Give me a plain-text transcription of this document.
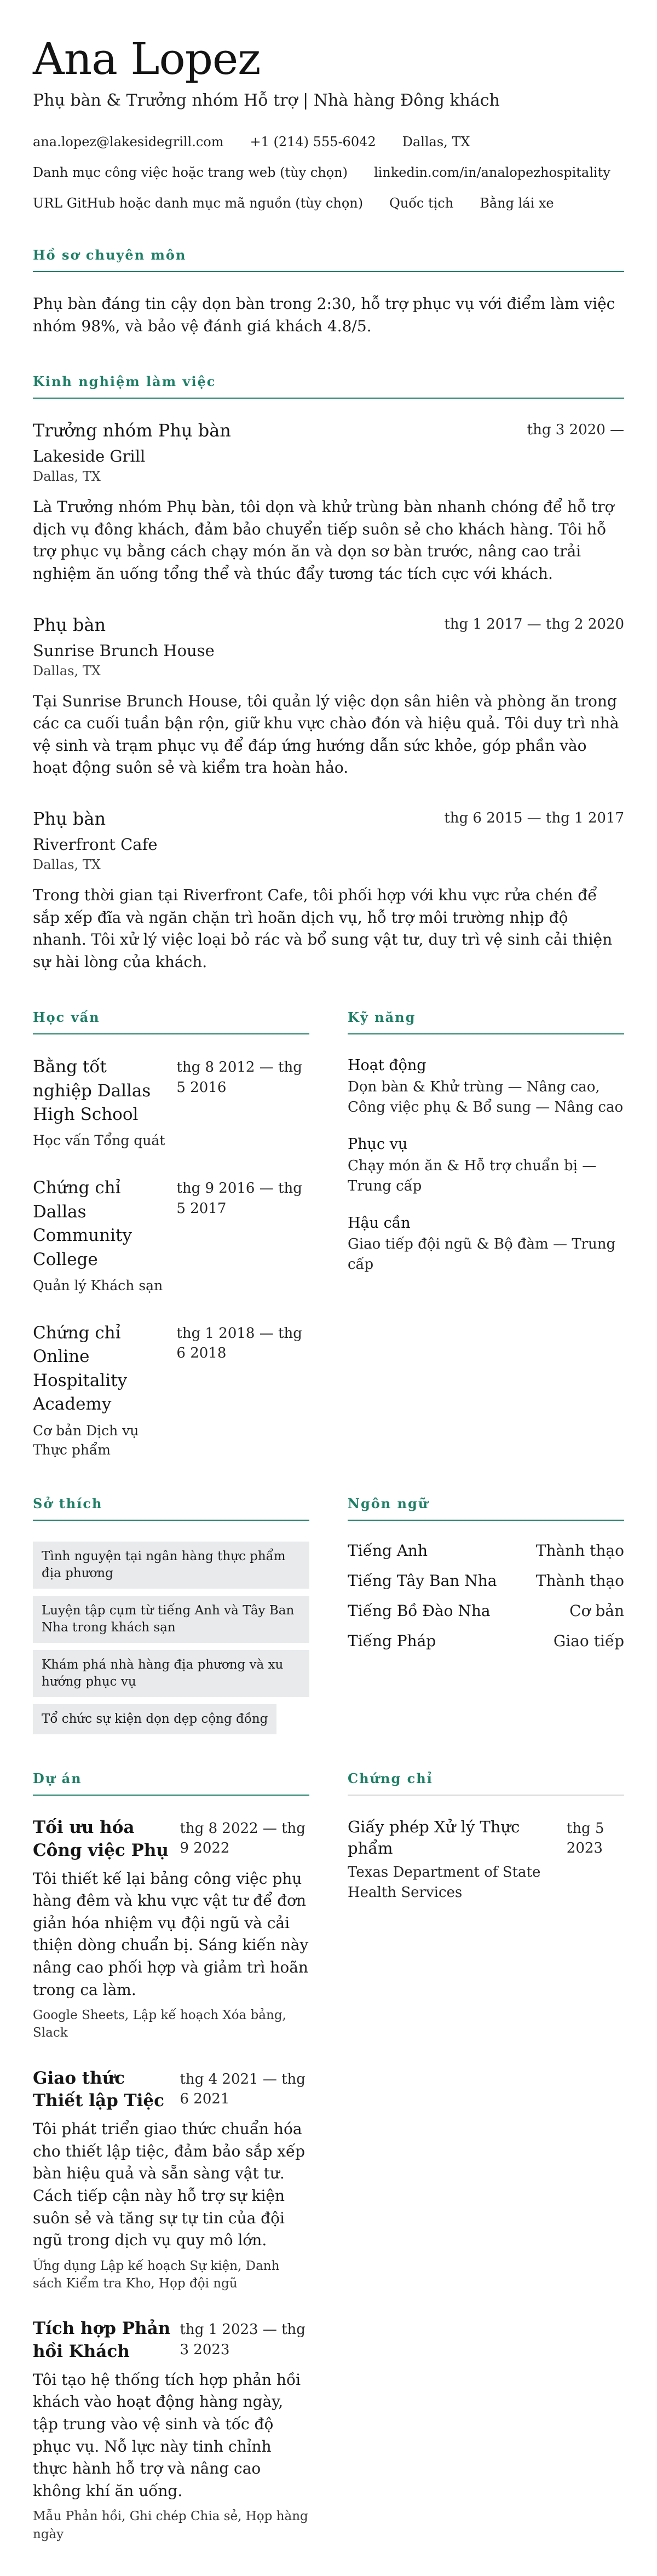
Ana Lopez

Phụ bàn & Trưởng nhóm Hỗ trợ | Nhà hàng Đông khách

ana.lopez@lakesidegrill.com +1 (214) 555-6042 Dallas, TX
Danh mục công việc hoặc trang web (tùy chọn) linkedin.com/in/analopezhospitality
URL GitHub hoặc danh mục mã nguồn (tùy chọn) Quốc tịch Bằng lái xe
Hồ sơ chuyên môn

Phụ bàn đáng tin cậy dọn bàn trong 2:30, hỗ trợ phục vụ với điểm làm việc nhóm 98%, và bảo vệ đánh giá khách 4.8/5.

Kinh nghiệm làm việc
Trưởng nhóm Phụ bàn	thg 3 2020 —
Lakeside Grill
Dallas, TX

Là Trưởng nhóm Phụ bàn, tôi dọn và khử trùng bàn nhanh chóng để hỗ trợ dịch vụ đông khách, đảm bảo chuyển tiếp suôn sẻ cho khách hàng. Tôi hỗ trợ phục vụ bằng cách chạy món ăn và dọn sơ bàn trước, nâng cao trải nghiệm ăn uống tổng thể và thúc đẩy tương tác tích cực với khách.

Phụ bàn	thg 1 2017 — thg 2 2020
Sunrise Brunch House
Dallas, TX

Tại Sunrise Brunch House, tôi quản lý việc dọn sân hiên và phòng ăn trong các ca cuối tuần bận rộn, giữ khu vực chào đón và hiệu quả. Tôi duy trì nhà vệ sinh và trạm phục vụ để đáp ứng hướng dẫn sức khỏe, góp phần vào hoạt động suôn sẻ và kiểm tra hoàn hảo.

Phụ bàn	thg 6 2015 — thg 1 2017
Riverfront Cafe
Dallas, TX

Trong thời gian tại Riverfront Cafe, tôi phối hợp với khu vực rửa chén để sắp xếp đĩa và ngăn chặn trì hoãn dịch vụ, hỗ trợ môi trường nhịp độ nhanh. Tôi xử lý việc loại bỏ rác và bổ sung vật tư, duy trì vệ sinh cải thiện sự hài lòng của khách.

Học vấn
Bằng tốt nghiệp Dallas High School
Học vấn Tổng quát
thg 8 2012 — thg 5 2016
Chứng chỉ Dallas Community College
Quản lý Khách sạn
thg 9 2016 — thg 5 2017
Chứng chỉ Online Hospitality Academy
Cơ bản Dịch vụ Thực phẩm
thg 1 2018 — thg 6 2018
Kỹ năng
Hoạt động
Dọn bàn & Khử trùng — Nâng cao, Công việc phụ & Bổ sung — Nâng cao
Phục vụ
Chạy món ăn & Hỗ trợ chuẩn bị — Trung cấp
Hậu cần
Giao tiếp đội ngũ & Bộ đàm — Trung cấp
Sở thích
Tình nguyện tại ngân hàng thực phẩm địa phương
Luyện tập cụm từ tiếng Anh và Tây Ban Nha trong khách sạn
Khám phá nhà hàng địa phương và xu hướng phục vụ
Tổ chức sự kiện dọn dẹp cộng đồng
Ngôn ngữ
Tiếng Anh	Thành thạo
Tiếng Tây Ban Nha	Thành thạo
Tiếng Bồ Đào Nha	Cơ bản
Tiếng Pháp	Giao tiếp
Dự án
Tối ưu hóa Công việc Phụ
thg 8 2022 — thg 9 2022

Tôi thiết kế lại bảng công việc phụ hàng đêm và khu vực vật tư để đơn giản hóa nhiệm vụ đội ngũ và cải thiện dòng chuẩn bị. Sáng kiến này nâng cao phối hợp và giảm trì hoãn trong ca làm.

Google Sheets, Lập kế hoạch Xóa bảng, Slack
Giao thức Thiết lập Tiệc
thg 4 2021 — thg 6 2021

Tôi phát triển giao thức chuẩn hóa cho thiết lập tiệc, đảm bảo sắp xếp bàn hiệu quả và sẵn sàng vật tư. Cách tiếp cận này hỗ trợ sự kiện suôn sẻ và tăng sự tự tin của đội ngũ trong dịch vụ quy mô lớn.

Ứng dụng Lập kế hoạch Sự kiện, Danh sách Kiểm tra Kho, Họp đội ngũ
Tích hợp Phản hồi Khách
thg 1 2023 — thg 3 2023

Tôi tạo hệ thống tích hợp phản hồi khách vào hoạt động hàng ngày, tập trung vào vệ sinh và tốc độ phục vụ. Nỗ lực này tinh chỉnh thực hành hỗ trợ và nâng cao không khí ăn uống.

Mẫu Phản hồi, Ghi chép Chia sẻ, Họp hàng ngày
Chứng chỉ
Giấy phép Xử lý Thực phẩm
Texas Department of State Health Services
thg 5 2023
